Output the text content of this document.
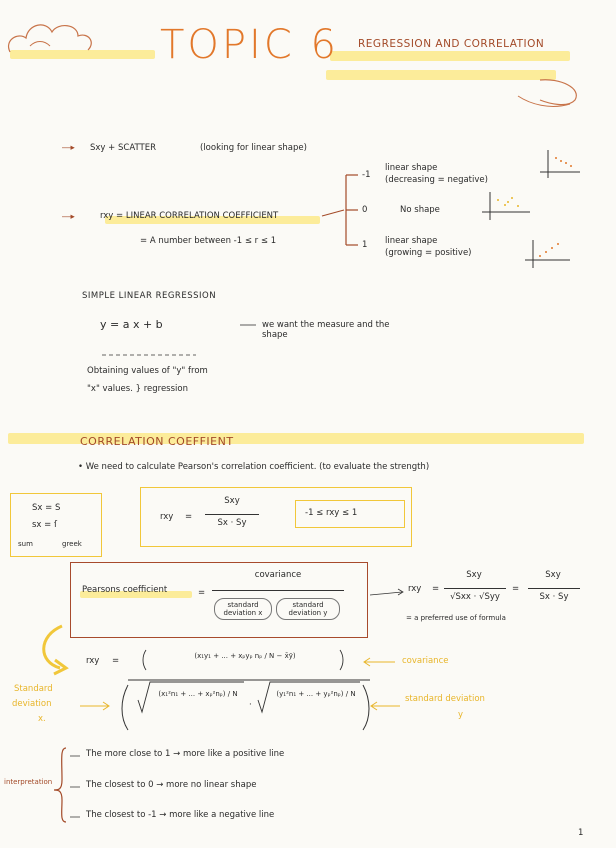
TOPIC 6 REGRESSION AND CORRELATION
―▸ Sxy + SCATTER	(looking for linear shape)
―▸	rxy = LINEAR CORRELATION COEFFICIENT
= A number between -1 ≤ r ≤ 1
-1
linear shape
(decreasing = negative)
0	No shape
1 linear shape
(growing = positive)
SIMPLE LINEAR REGRESSION
y = a x + b	we want the measure and the shape
Obtaining values of "y" from
"x" values. } regression
CORRELATION COEFFIENT
• We need to calculate Pearson's correlation coefficient. (to evaluate the strength)
Sx = S
sx = ſ
sum	greek
rxy =
Sxy
Sx · Sy
-1 ≤ rxy ≤ 1
Pearsons coefficient	=
covariance
standard deviation x
standard deviation y
rxy =
Sxy
√Sxx · √Syy
=
Sxy
Sx · Sy
= a preferred use of formula
rxy =	(x₁y₁ + ... + xₚyₚ nₚ / N − x̄ȳ)
(x₁²n₁ + ... + xₚ²nₚ) / N
·
(y₁²n₁ + ... + yₚ²nₚ) / N
covariance
Standard
deviation
x.
standard deviation
y
interpretation
The more close to 1 → more like a positive line
The closest to 0 → more no linear shape
The closest to -1 → more like a negative line
1
